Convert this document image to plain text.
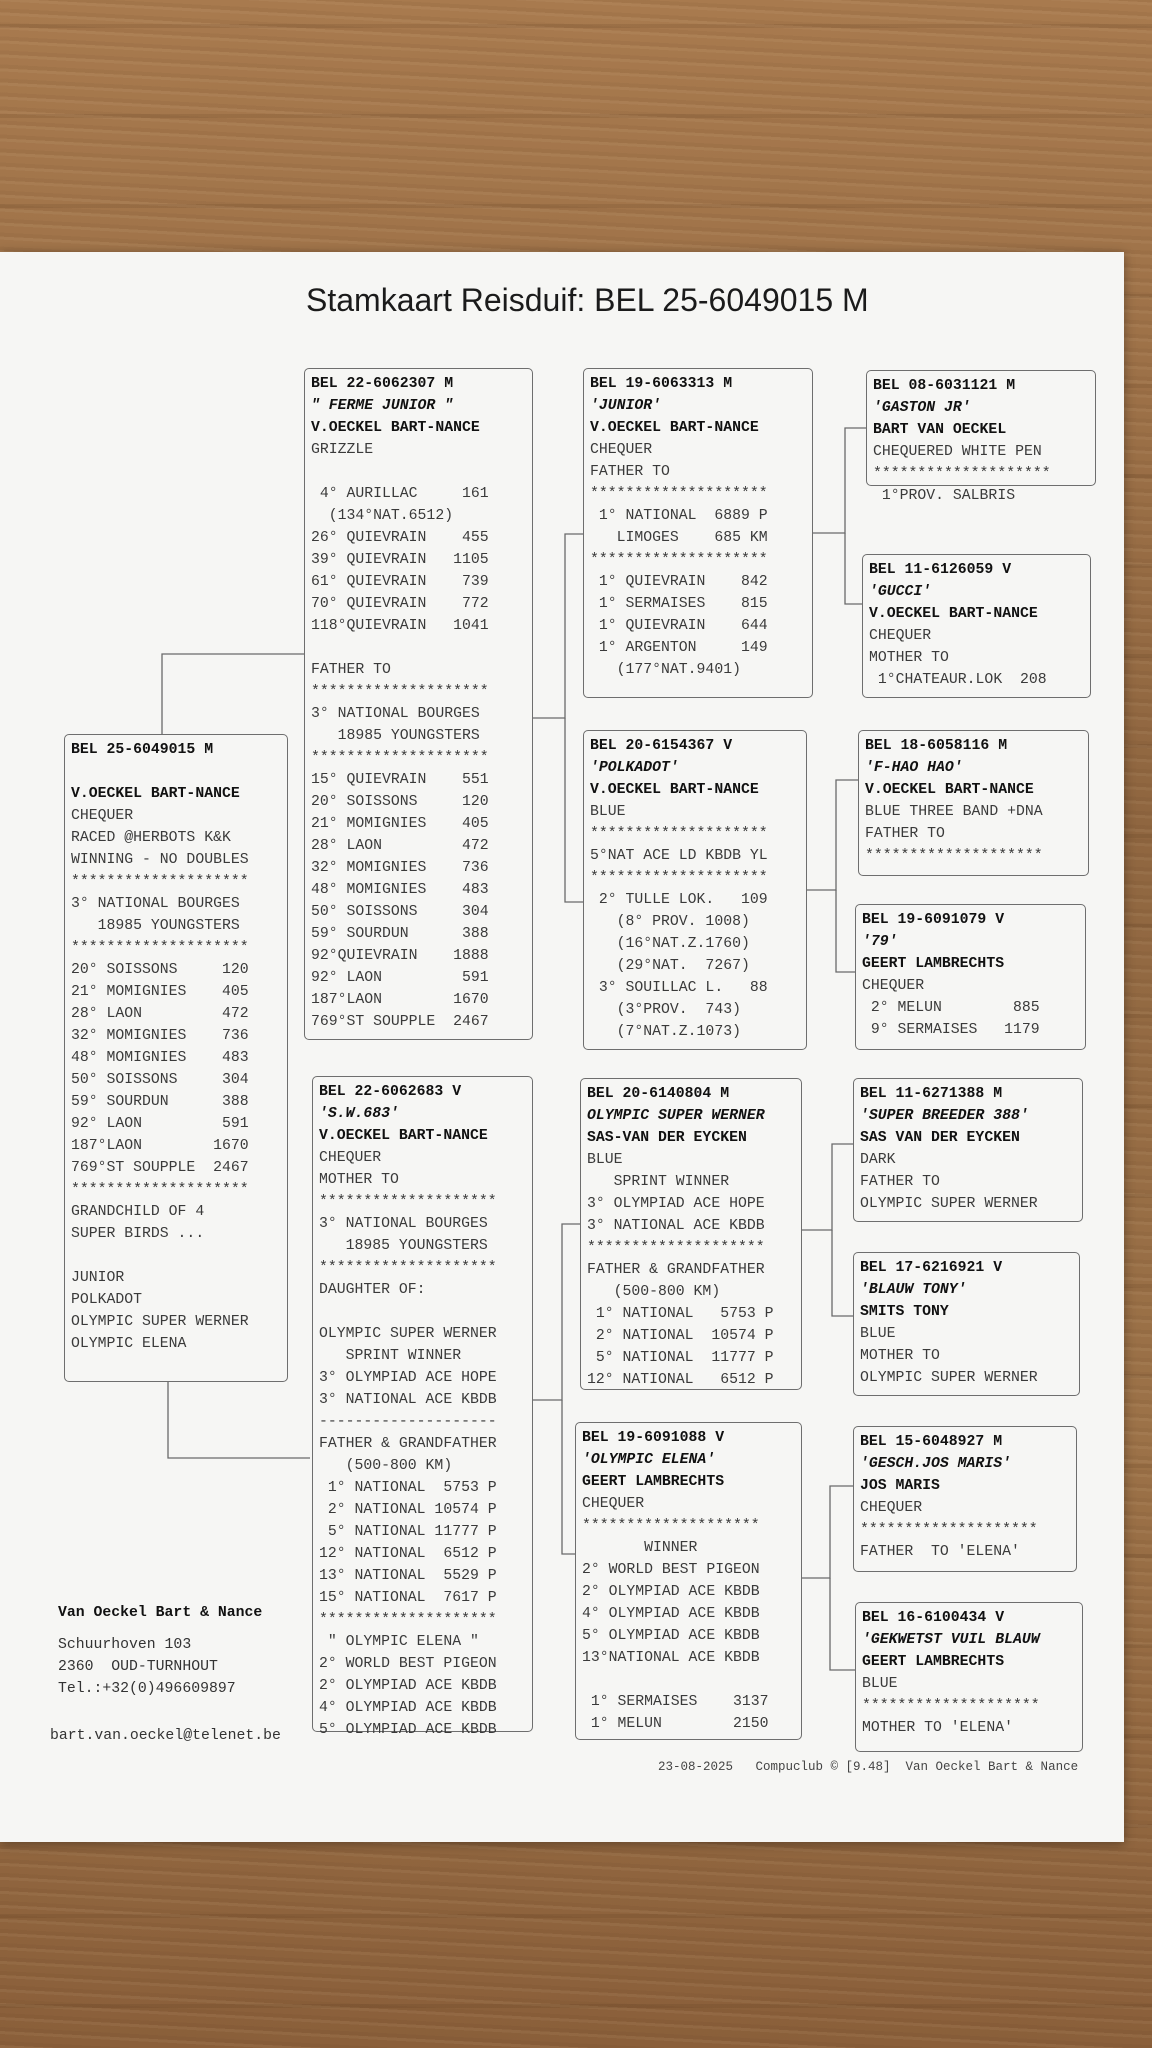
Stamkaart Reisduif: BEL 25-6049015 M
BEL 25-6049015 M
V.OECKEL BART-NANCE
CHEQUER
RACED @HERBOTS K&K
WINNING - NO DOUBLES
********************
3° NATIONAL BOURGES
18985 YOUNGSTERS
********************
20° SOISSONS     120
21° MOMIGNIES    405
28° LAON         472
32° MOMIGNIES    736
48° MOMIGNIES    483
50° SOISSONS     304
59° SOURDUN      388
92° LAON         591
187°LAON        1670
769°ST SOUPPLE  2467
********************
GRANDCHILD OF 4
SUPER BIRDS ...
JUNIOR
POLKADOT
OLYMPIC SUPER WERNER
OLYMPIC ELENA
BEL 22-6062307 M
" FERME JUNIOR "
V.OECKEL BART-NANCE
GRIZZLE
4° AURILLAC     161
(134°NAT.6512)
26° QUIEVRAIN    455
39° QUIEVRAIN   1105
61° QUIEVRAIN    739
70° QUIEVRAIN    772
118°QUIEVRAIN   1041
FATHER TO
********************
3° NATIONAL BOURGES
18985 YOUNGSTERS
********************
15° QUIEVRAIN    551
20° SOISSONS     120
21° MOMIGNIES    405
28° LAON         472
32° MOMIGNIES    736
48° MOMIGNIES    483
50° SOISSONS     304
59° SOURDUN      388
92°QUIEVRAIN    1888
92° LAON         591
187°LAON        1670
769°ST SOUPPLE  2467
BEL 22-6062683 V
'S.W.683'
V.OECKEL BART-NANCE
CHEQUER
MOTHER TO
********************
3° NATIONAL BOURGES
18985 YOUNGSTERS
********************
DAUGHTER OF:
OLYMPIC SUPER WERNER
SPRINT WINNER
3° OLYMPIAD ACE HOPE
3° NATIONAL ACE KBDB
--------------------
FATHER & GRANDFATHER
(500-800 KM)
1° NATIONAL  5753 P
2° NATIONAL 10574 P
5° NATIONAL 11777 P
12° NATIONAL  6512 P
13° NATIONAL  5529 P
15° NATIONAL  7617 P
********************
" OLYMPIC ELENA "
2° WORLD BEST PIGEON
2° OLYMPIAD ACE KBDB
4° OLYMPIAD ACE KBDB
5° OLYMPIAD ACE KBDB
BEL 19-6063313 M
'JUNIOR'
V.OECKEL BART-NANCE
CHEQUER
FATHER TO
********************
1° NATIONAL  6889 P
LIMOGES    685 KM
********************
1° QUIEVRAIN    842
1° SERMAISES    815
1° QUIEVRAIN    644
1° ARGENTON     149
(177°NAT.9401)
BEL 20-6154367 V
'POLKADOT'
V.OECKEL BART-NANCE
BLUE
********************
5°NAT ACE LD KBDB YL
********************
2° TULLE LOK.   109
(8° PROV. 1008)
(16°NAT.Z.1760)
(29°NAT.  7267)
3° SOUILLAC L.   88
(3°PROV.  743)
(7°NAT.Z.1073)
BEL 20-6140804 M
OLYMPIC SUPER WERNER
SAS-VAN DER EYCKEN
BLUE
SPRINT WINNER
3° OLYMPIAD ACE HOPE
3° NATIONAL ACE KBDB
********************
FATHER & GRANDFATHER
(500-800 KM)
1° NATIONAL   5753 P
2° NATIONAL  10574 P
5° NATIONAL  11777 P
12° NATIONAL   6512 P
BEL 19-6091088 V
'OLYMPIC ELENA'
GEERT LAMBRECHTS
CHEQUER
********************
WINNER
2° WORLD BEST PIGEON
2° OLYMPIAD ACE KBDB
4° OLYMPIAD ACE KBDB
5° OLYMPIAD ACE KBDB
13°NATIONAL ACE KBDB
1° SERMAISES    3137
1° MELUN        2150
BEL 08-6031121 M
'GASTON JR'
BART VAN OECKEL
CHEQUERED WHITE PEN
********************
1°PROV. SALBRIS
BEL 11-6126059 V
'GUCCI'
V.OECKEL BART-NANCE
CHEQUER
MOTHER TO
1°CHATEAUR.LOK  208
BEL 18-6058116 M
'F-HAO HAO'
V.OECKEL BART-NANCE
BLUE THREE BAND +DNA
FATHER TO
********************
BEL 19-6091079 V
'79'
GEERT LAMBRECHTS
CHEQUER
2° MELUN        885
9° SERMAISES   1179
BEL 11-6271388 M
'SUPER BREEDER 388'
SAS VAN DER EYCKEN
DARK
FATHER TO
OLYMPIC SUPER WERNER
BEL 17-6216921 V
'BLAUW TONY'
SMITS TONY
BLUE
MOTHER TO
OLYMPIC SUPER WERNER
BEL 15-6048927 M
'GESCH.JOS MARIS'
JOS MARIS
CHEQUER
********************
FATHER  TO 'ELENA'
BEL 16-6100434 V
'GEKWETST VUIL BLAUW
GEERT LAMBRECHTS
BLUE
********************
MOTHER TO 'ELENA'
Van Oeckel Bart & Nance
Schuurhoven 103
2360  OUD-TURNHOUT
Tel.:+32(0)496609897
bart.van.oeckel@telenet.be
23-08-2025   Compuclub © [9.48]  Van Oeckel Bart & Nance
